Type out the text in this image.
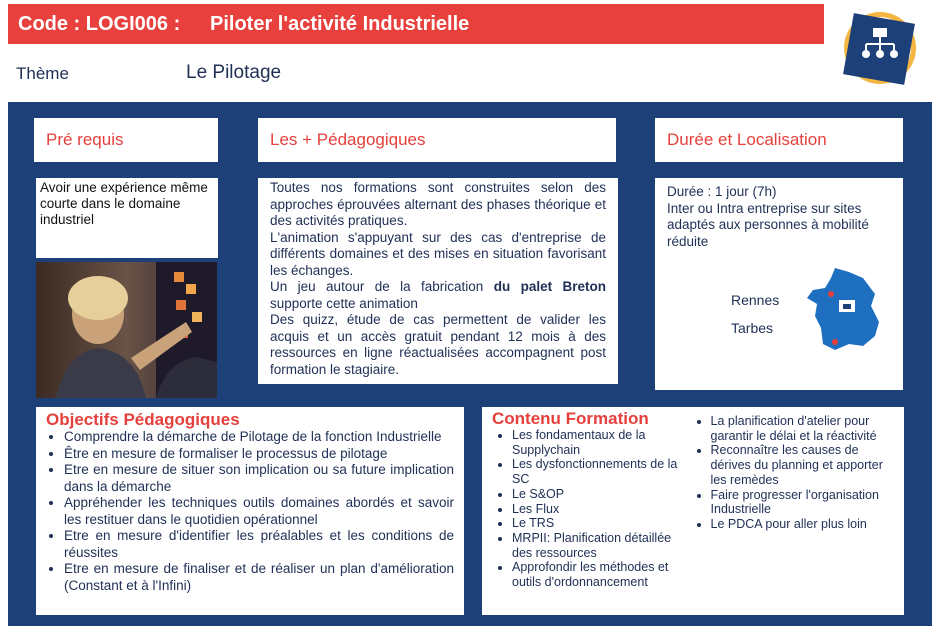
Code : LOGI006 :	Piloter l'activité Industrielle
Thème	Le Pilotage
Pré requis
Avoir une expérience même courte dans le domaine industriel
Les + Pédagogiques
Toutes nos formations sont construites selon des approches éprouvées alternant des phases théorique et des activités pratiques.
L'animation s'appuyant sur des cas d'entreprise de différents domaines et des mises en situation favorisant les échanges.
Un jeu autour de la fabrication du palet Breton supporte cette animation
Des quizz, étude de cas permettent de valider les acquis et un accès gratuit pendant 12 mois à des ressources en ligne réactualisées accompagnent post formation le stagiaire.
Durée et Localisation
Durée : 1 jour (7h)
Inter ou Intra entreprise sur sites adaptés aux personnes à mobilité réduite
Rennes
Tarbes
Objectifs Pédagogiques
• Comprendre la démarche de Pilotage de la fonction Industrielle
• Être en mesure de formaliser le processus de pilotage
• Etre en mesure de situer son implication ou sa future implication dans la démarche
• Appréhender les techniques outils domaines abordés et savoir les restituer dans le quotidien opérationnel
• Etre en mesure d'identifier les préalables et les conditions de réussites
• Etre en mesure de finaliser et de réaliser un plan d'amélioration (Constant et à l'Infini)
Contenu Formation
• Les fondamentaux de la Supplychain
• Les dysfonctionnements de la SC
• Le S&OP
• Les Flux
• Le TRS
• MRPII: Planification détaillée des ressources
• Approfondir les méthodes et outils d'ordonnancement
• La planification d'atelier pour garantir le délai et la réactivité
• Reconnaître les causes de dérives du planning et apporter les remèdes
• Faire progresser l'organisation Industrielle
• Le PDCA pour aller plus loin
